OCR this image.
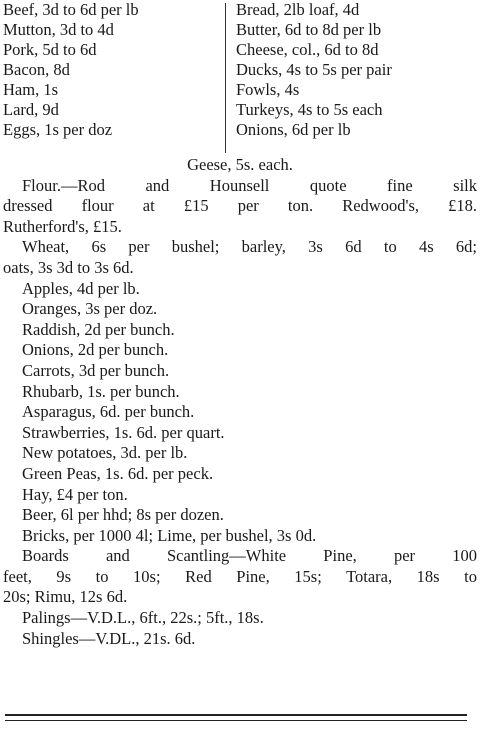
Beef, 3d to 6d per lb	Bread, 2lb loaf, 4d
Mutton, 3d to 4d	Butter, 6d to 8d per lb
Pork, 5d to 6d	Cheese, col., 6d to 8d
Bacon, 8d	Ducks, 4s to 5s per pair
Ham, 1s	Fowls, 4s
Lard, 9d	Turkeys, 4s to 5s each
Eggs, 1s per doz	Onions, 6d per lb
Geese, 5s. each.
Flour.—Rod and Hounsell quote fine silk
dressed flour at £15 per ton. Redwood's, £18.
Rutherford's, £15.
Wheat, 6s per bushel; barley, 3s 6d to 4s 6d;
oats, 3s 3d to 3s 6d.
Apples, 4d per lb.
Oranges, 3s per doz.
Raddish, 2d per bunch.
Onions, 2d per bunch.
Carrots, 3d per bunch.
Rhubarb, 1s. per bunch.
Asparagus, 6d. per bunch.
Strawberries, 1s. 6d. per quart.
New potatoes, 3d. per lb.
Green Peas, 1s. 6d. per peck.
Hay, £4 per ton.
Beer, 6l per hhd; 8s per dozen.
Bricks, per 1000 4l; Lime, per bushel, 3s 0d.
Boards and Scantling—White Pine, per 100
feet, 9s to 10s; Red Pine, 15s; Totara, 18s to
20s; Rimu, 12s 6d.
Palings—V.D.L., 6ft., 22s.; 5ft., 18s.
Shingles—V.DL., 21s. 6d.
